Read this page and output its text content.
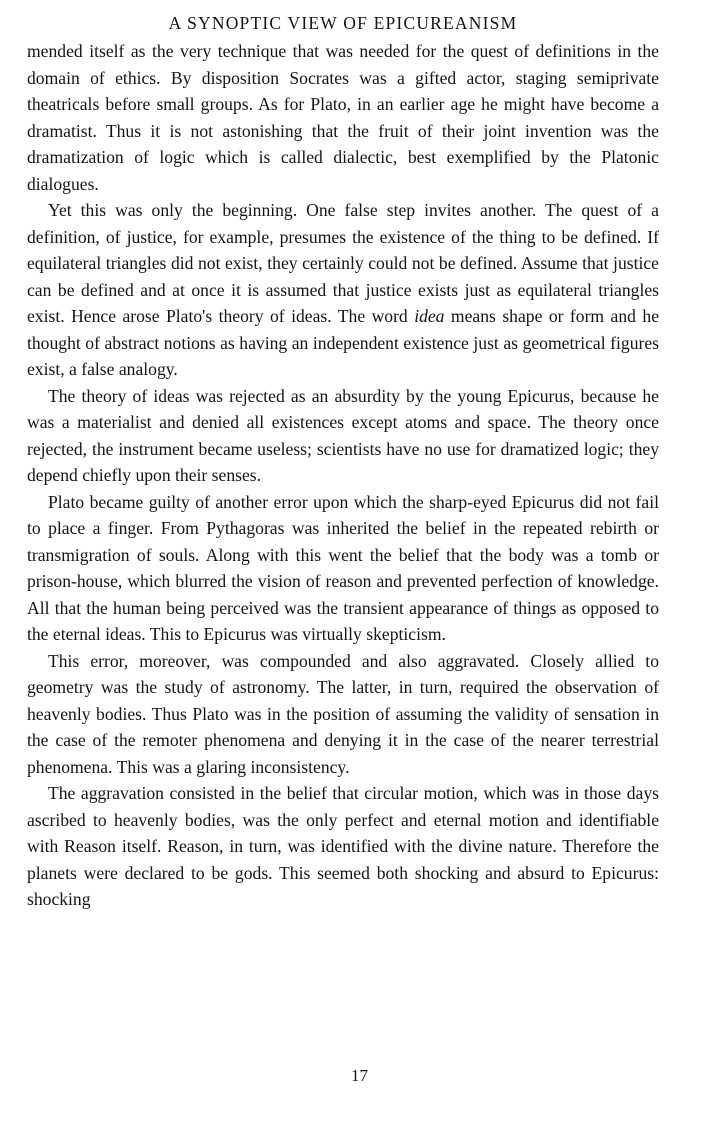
A SYNOPTIC VIEW OF EPICUREANISM

mended itself as the very technique that was needed for the quest of definitions in the domain of ethics. By disposition Socrates was a gifted actor, staging semiprivate theatricals before small groups. As for Plato, in an earlier age he might have become a dramatist. Thus it is not astonishing that the fruit of their joint invention was the dramatization of logic which is called dialectic, best exemplified by the Platonic dialogues.

Yet this was only the beginning. One false step invites another. The quest of a definition, of justice, for example, presumes the existence of the thing to be defined. If equilateral triangles did not exist, they certainly could not be defined. Assume that justice can be defined and at once it is assumed that justice exists just as equilateral triangles exist. Hence arose Plato's theory of ideas. The word idea means shape or form and he thought of abstract notions as having an independent existence just as geometrical figures exist, a false analogy.

The theory of ideas was rejected as an absurdity by the young Epicurus, because he was a materialist and denied all existences except atoms and space. The theory once rejected, the instrument became useless; scientists have no use for dramatized logic; they depend chiefly upon their senses.

Plato became guilty of another error upon which the sharp-eyed Epicurus did not fail to place a finger. From Pythagoras was inherited the belief in the repeated rebirth or transmigration of souls. Along with this went the belief that the body was a tomb or prison-house, which blurred the vision of reason and prevented perfection of knowledge. All that the human being perceived was the transient appearance of things as opposed to the eternal ideas. This to Epicurus was virtually skepticism.

This error, moreover, was compounded and also aggravated. Closely allied to geometry was the study of astronomy. The latter, in turn, required the observation of heavenly bodies. Thus Plato was in the position of assuming the validity of sensation in the case of the remoter phenomena and denying it in the case of the nearer terrestrial phenomena. This was a glaring inconsistency.

The aggravation consisted in the belief that circular motion, which was in those days ascribed to heavenly bodies, was the only perfect and eternal motion and identifiable with Reason itself. Reason, in turn, was identified with the divine nature. Therefore the planets were declared to be gods. This seemed both shocking and absurd to Epicurus: shocking

17
